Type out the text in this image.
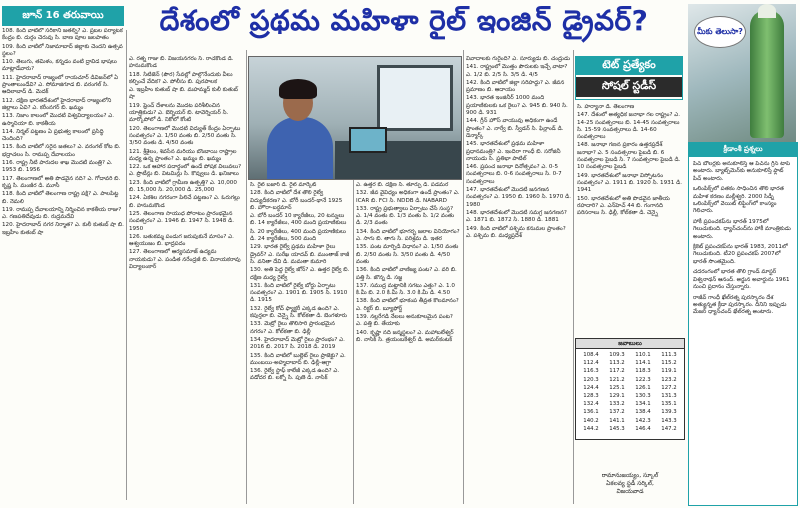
జూన్ 16 తరువాయి	దేశంలో ప్రథమ మహిళా రైల్ ఇంజిన్ డ్రైవర్?

108. కింది వాటిలో సరికాని జతల్ని? ఎ. ప్రబల పర్యాటక కేంద్రం బి. దుర్గం చెరువు సి. బాణ పూల జలపాతం

109. కింది వాటిలో నిజామాబాద్ జిల్లాకు చెందని ఉత్సవ స్థలం?

110. తెలుగు, తమిళం, కన్నడం వంటి ద్రావిడ భాషలు మాట్లాడేవారు?

111. హైదరాబాద్ రాజ్యంలో రాయచూర్ డివిజన్‌లో ఏ ప్రాంతాలుండేవి? ఎ. సోమాజిగూడ బి. వరంగల్ సి. ఆదిలాబాద్ డి. మెదక్

112. దక్షిణ భారతదేశంలో హైదరాబాద్ రాజ్యంలోని జిల్లాలు ఏవి? ఎ. కరీంనగర్ బి. ఖమ్మం

113. నిజాం కాలంలో మొదటి విశ్వవిద్యాలయం? ఎ. ఉస్మానియా బి. కాకతీయ

114. నిర్మల్ పట్టణం ఏ ప్రభుత్వ కాలంలో ప్రసిద్ధి చెందింది?

115. కింది వాటిలో సరైన జతలు? ఎ. వరంగల్ కోట బి. భద్రాచలం సి. రామప్ప దేవాలయం

116. రాష్ట్ర నీటి పారుదల శాఖ మొదటి మంత్రి? ఎ. 1953 బి. 1956

117. తెలంగాణలో అతి పొడవైన నది? ఎ. గోదావరి బి. కృష్ణ సి. మంజీర డి. మూసీ

118. కింది వాటిలో తెలంగాణ రాష్ట్ర పక్షి? ఎ. పాలపిట్ట బి. నెమలి

119. రామప్ప దేవాలయాన్ని నిర్మించిన కాకతీయ రాజు? ఎ. గణపతిదేవుడు బి. రుద్రమదేవి

120. హైదరాబాద్ నగర నిర్మాత? ఎ. కులీ కుతుబ్ షా బి. ఇబ్రహీం కుతుబ్ షా

ఎ. రత్న గాజు బి. విజయనగరం సి. రాచకొండ డి. హనుమకొండ

118. సిటిజెన్ (పౌర) సేవల్లో పాల్గొనేందుకు వీలు కల్పించే వేదిక? ఎ. పోలీసు బి. పురపాలక

ఎ. ఇబ్రహీం కుతుబ్ షా బి. మహమ్మద్ కులీ కుతుబ్ షా

119. ఫ్రెంచ్ దేశాలను మొదట పరిశీలించిన యాత్రికుడు? ఎ. బెర్నియర్ బి. టావెర్నియర్ సి. మార్కోపోలో డి. నికోలో కోంటి

120. తెలంగాణలో మొదటి విద్యుత్ కేంద్రం ఏర్పాటు సంవత్సరం? ఎ. 1/50 వంతు బి. 2/50 వంతు సి. 3/50 వంతు డి. 4/50 వంతు

121. శ్రీశైలం, శివసేన మరియు బొంబాయి రాష్ట్రాల మధ్య ఉన్న ప్రాంతం? ఎ. ఖమ్మం బి. ఖమ్మం

122. ఒక ఆహార పదార్థంలో ఉండే పోషక విలువలు? ఎ. ప్రొటీన్లు బి. విటమిన్లు సి. కొవ్వులు డి. ఖనిజాలు

123. కింది వాటిలో గ్రామీణ ఉత్పత్తి? ఎ. 10,000 బి. 15,000 సి. 20,000 డి. 25,000

124. ఏకశిల నగరంగా పిలిచే పట్టణం? ఎ. ఓరుగల్లు బి. హనుమకొండ

125. తెలంగాణ సాయుధ పోరాటం ప్రారంభమైన సంవత్సరం? ఎ. 1946 బి. 1947 సి. 1948 డి. 1950

126. బతుకమ్మ పండుగ జరుపుకునే మాసం? ఎ. ఆశ్వయుజం బి. భాద్రపదం

127. తెలంగాణలో ఆర్యసమాజ్ ఉద్యమ నాయకుడు? ఎ. పండిత నరేంద్రజీ బి. వినాయకరావు విద్యాలంకార్

సి. రైల్ బజార్ డి. రైల్ మార్కెట్

128. కింది వాటిలో దేశ తొలి రైల్వే విద్యుదీకరణ? ఎ. బోరీ బందర్-థానే 1925 బి. హౌరా-బర్ధమాన్

ఎ. బోరీ బందర్ 10 క్యారేజీలు, 20 టన్నులు బి. 14 క్యారేజీలు, 400 మంది ప్రయాణికులు

సి. 20 క్యారేజీలు, 400 మంది ప్రయాణికులు డి. 24 క్యారేజీలు, 500 మంది

129. భారత రైల్వే ప్రథమ మహిళా రైలు డ్రైవర్? ఎ. సురేఖ యాదవ్ బి. ముంతాజ్ కాజీ సి. వనితా దేవి డి. మమతా కుమారి

130. అతి పెద్ద రైల్వే జోన్? ఎ. ఉత్తర రైల్వే బి. దక్షిణ మధ్య రైల్వే

131. కింది వాటిలో రైల్వే బోర్డు ఏర్పాటు సంవత్సరం? ఎ. 1901 బి. 1905 సి. 1910 డి. 1915

132. రైల్వే కోచ్ ఫ్యాక్టరీ ఎక్కడ ఉంది? ఎ. కపుర్తలా బి. చెన్నై సి. కోల్‌కతా డి. బెంగళూరు

133. మెట్రో రైలు తొలిసారి ప్రారంభమైన నగరం? ఎ. కోల్‌కతా బి. ఢిల్లీ

134. హైదరాబాద్ మెట్రో రైలు ప్రారంభం? ఎ. 2016 బి. 2017 సి. 2018 డి. 2019

135. కింది వాటిలో బుల్లెట్ రైలు ప్రాజెక్టు? ఎ. ముంబయి-అహ్మదాబాద్ బి. ఢిల్లీ-ఆగ్రా

136. రైల్వే స్టాఫ్ కాలేజీ ఎక్కడ ఉంది? ఎ. వడోదర బి. లక్నో సి. పుణె డి. నాసిక్

ఎ. ఉత్తర బి. దక్షిణ సి. తూర్పు డి. పడమర

132. జీవ వైవిధ్యం అధికంగా ఉండే ప్రాంతం? ఎ. ICAR బి. FCI సి. NDDB డి. NABARD

133. రాష్ట్ర ప్రభుత్వాలు ఏర్పాటు చేసే సంస్థ? ఎ. 1/4 వంతు బి. 1/3 వంతు సి. 1/2 వంతు డి. 2/3 వంతు

134. కింది వాటిలో భూగర్భ జలాల వినియోగం? ఎ. సాగు బి. తాగు సి. పరిశ్రమ డి. ఇతర

135. పంట మార్పిడి విధానం? ఎ. 1/50 వంతు బి. 2/50 వంతు సి. 3/50 వంతు డి. 4/50 వంతు

136. కింది వాటిలో వాణిజ్య పంట? ఎ. వరి బి. పత్తి సి. జొన్న డి. సజ్జ

137. సముద్ర మట్టానికి సగటు ఎత్తు? ఎ. 1.0 కి.మీ బి. 2.0 కి.మీ సి. 3.0 కి.మీ డి. 4.50

138. కింది వాటిలో భూకంప తీవ్రత కొలమానం? ఎ. రిక్టర్ బి. బ్యూఫోర్ట్

139. నల్లరేగడి నేలలు అనుకూలమైన పంట? ఎ. పత్తి బి. తేయాకు

140. కృష్ణా నది జన్మస్థలం? ఎ. మహాబలేశ్వర్ బి. నాసిక్ సి. త్రయంబకేశ్వర్ డి. అమర్‌కంటక్

వివాదాలకు గురైంది? ఎ. సూర్యుడు బి. చంద్రుడు

141. రాష్ట్రంలో మొత్తం పౌరులకు ఇచ్చే వాటా? ఎ. 1/2 బి. 2/5 సి. 3/5 డి. 4/5

142. కింది వాటిలో జిల్లా సరిహద్దు? ఎ. జీవన ప్రమాణం బి. ఆదాయం

143. భారత ఇంజినీర్ 1000 మంది ప్రయాణికులకు ఒక రైలు? ఎ. 945 బి. 940 సి. 900 డి. 931

144. గ్రీన్ హౌస్ వాయువు అధికంగా ఉండే ప్రాంతం? ఎ. నార్వే బి. స్వీడన్ సి. ఫిన్లాండ్ డి. డెన్మార్క్

145. భారతదేశంలో ప్రథమ మహిళా ప్రధానమంత్రి? ఎ. ఇందిరా గాంధీ బి. సరోజినీ నాయుడు సి. ప్రతిభా పాటిల్

146. ప్రపంచ జనాభా దినోత్సవం? ఎ. 0-5 సంవత్సరాలు బి. 0-6 సంవత్సరాలు సి. 0-7 సంవత్సరాలు

147. భారతదేశంలో మొదటి జనగణన సంవత్సరం? ఎ. 1950 బి. 1960 సి. 1970 డి. 1980

148. భారతదేశంలో మొదటి సమగ్ర జనగణన? ఎ. 1871 బి. 1872 సి. 1880 డి. 1881

149. కింది వాటిలో పశ్చిమ కనుమల ప్రాంతం? ఎ. పశ్చిమ బి. మధ్యప్రదేశ్

టెట్ ప్రత్యేకం
సోషల్ స్టడీస్

సి. హర్యానా డి. తెలంగాణ

147. దేశంలో అత్యధిక జనాభా గల రాష్ట్రం? ఎ. 14-25 సంవత్సరాలు బి. 14-45 సంవత్సరాలు సి. 15-59 సంవత్సరాలు డి. 14-60 సంవత్సరాలు

148. జనాభా గణన ప్రకారం ఉత్తరప్రదేశ్ జనాభా? ఎ. 5 సంవత్సరాల పైబడి బి. 6 సంవత్సరాల పైబడి సి. 7 సంవత్సరాల పైబడి డి. 10 సంవత్సరాల పైబడి

149. భారతదేశంలో జనాభా విస్ఫోటనం సంవత్సరం? ఎ. 1911 బి. 1920 సి. 1931 డి. 1941

150. భారతదేశంలో అతి పొడవైన జాతీయ రహదారి? ఎ. ఎన్‌హెచ్ 44 బి. గంగానది పరిసరాలు సి. ఢిల్లీ, కోల్‌కతా డి. చెన్నై

జవాబులు
108.4	109.3	110.1	111.3
112.4	113.2	114.1	115.2
116.3	117.2	118.3	119.1
120.3	121.2	122.3	123.2
124.4	125.1	126.1	127.2
128.3	129.1	130.3	131.3
132.4	133.2	134.1	135.1
136.1	137.2	138.4	139.3
140.2	141.1	142.3	143.3
144.2	145.3	146.4	147.2
రామానుజయ్యం, స్కూల్
ఏకలవ్య స్టడీ సర్కిల్,
విజయవాడ
మీకు తెలుసా?
క్రీడాంశీ ప్రశ్నలు

పిచ్ బౌలర్లకు అనుకూలిస్తే ఆ పిచ్‌ను గ్రీన్ టాప్ అంటారు. బ్యాట్స్‌మెన్‌కు అనుకూలిస్తే ఫ్లాట్ పిచ్ అంటారు.

ఒలింపిక్స్‌లో పతకం సాధించిన తొలి భారత మహిళ కరణం మల్లీశ్వరి. 2000 సిడ్నీ ఒలింపిక్స్‌లో వెయిట్ లిఫ్టింగ్‌లో కాంస్యం గెలిచారు.

హాకీ ప్రపంచకప్‌ను భారత్ 1975లో గెలుచుకుంది. ధ్యాన్‌చంద్‌ను హాకీ మాంత్రికుడు అంటారు.

క్రికెట్ ప్రపంచకప్‌ను భారత్ 1983, 2011లో గెలుచుకుంది. టీ20 ప్రపంచకప్ 2007లో భారత్ సొంతమైంది.

చదరంగంలో భారత తొలి గ్రాండ్ మాస్టర్ విశ్వనాథన్ ఆనంద్. అర్జున అవార్డును 1961 నుంచి ప్రదానం చేస్తున్నారు.

రాజీవ్ గాంధీ ఖేల్‌రత్న పురస్కారం దేశ అత్యున్నత క్రీడా పురస్కారం. దీనిని ఇప్పుడు మేజర్ ధ్యాన్‌చంద్ ఖేల్‌రత్న అంటారు.
